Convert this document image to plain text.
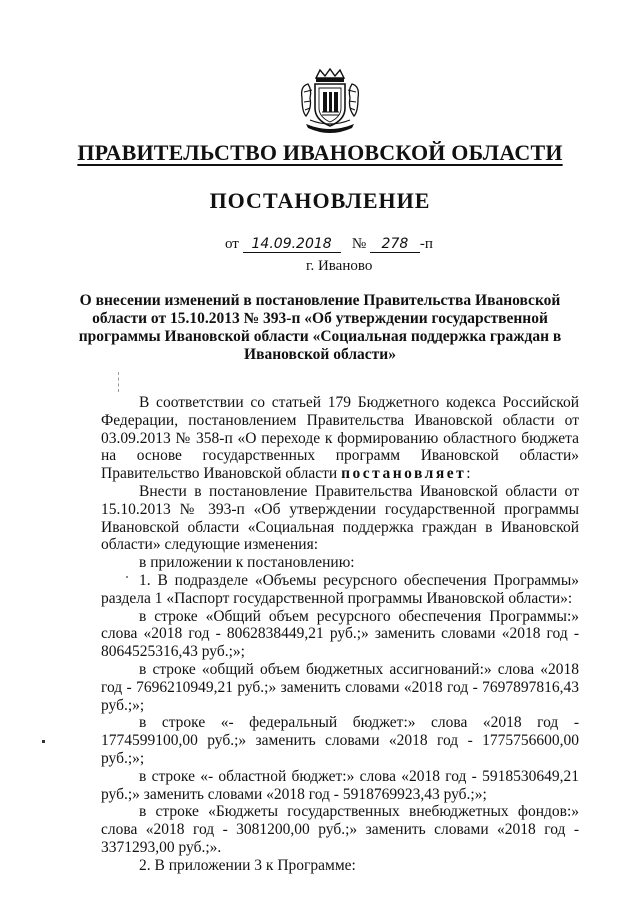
ПРАВИТЕЛЬСТВО ИВАНОВСКОЙ ОБЛАСТИ
ПОСТАНОВЛЕНИЕ
от 14.09.2018 № 278 -п
г. Иваново
О внесении изменений в постановление Правительства Ивановской области от 15.10.2013 № 393-п «Об утверждении государственной программы Ивановской области «Социальная поддержка граждан в Ивановской области»

В соответствии со статьей 179 Бюджетного кодекса Российской Федерации, постановлением Правительства Ивановской области от 03.09.2013 № 358-п «О переходе к формированию областного бюджета на основе государственных программ Ивановской области» Правительство Ивановской области постановляет:

Внести в постановление Правительства Ивановской области от 15.10.2013 № 393-п «Об утверждении государственной программы Ивановской области «Социальная поддержка граждан в Ивановской области» следующие изменения:

в приложении к постановлению:

1. В подразделе «Объемы ресурсного обеспечения Программы» раздела 1 «Паспорт государственной программы Ивановской области»:

в строке «Общий объем ресурсного обеспечения Программы:» слова «2018 год - 8062838449,21 руб.;» заменить словами «2018 год - 8064525316,43 руб.;»;

в строке «общий объем бюджетных ассигнований:» слова «2018 год - 7696210949,21 руб.;» заменить словами «2018 год - 7697897816,43 руб.;»;

в строке «- федеральный бюджет:» слова «2018 год - 1774599100,00 руб.;» заменить словами «2018 год - 1775756600,00 руб.;»;

в строке «- областной бюджет:» слова «2018 год - 5918530649,21 руб.;» заменить словами «2018 год - 5918769923,43 руб.;»;

в строке «Бюджеты государственных внебюджетных фондов:» слова «2018 год - 3081200,00 руб.;» заменить словами «2018 год - 3371293,00 руб.;».

2. В приложении 3 к Программе:
